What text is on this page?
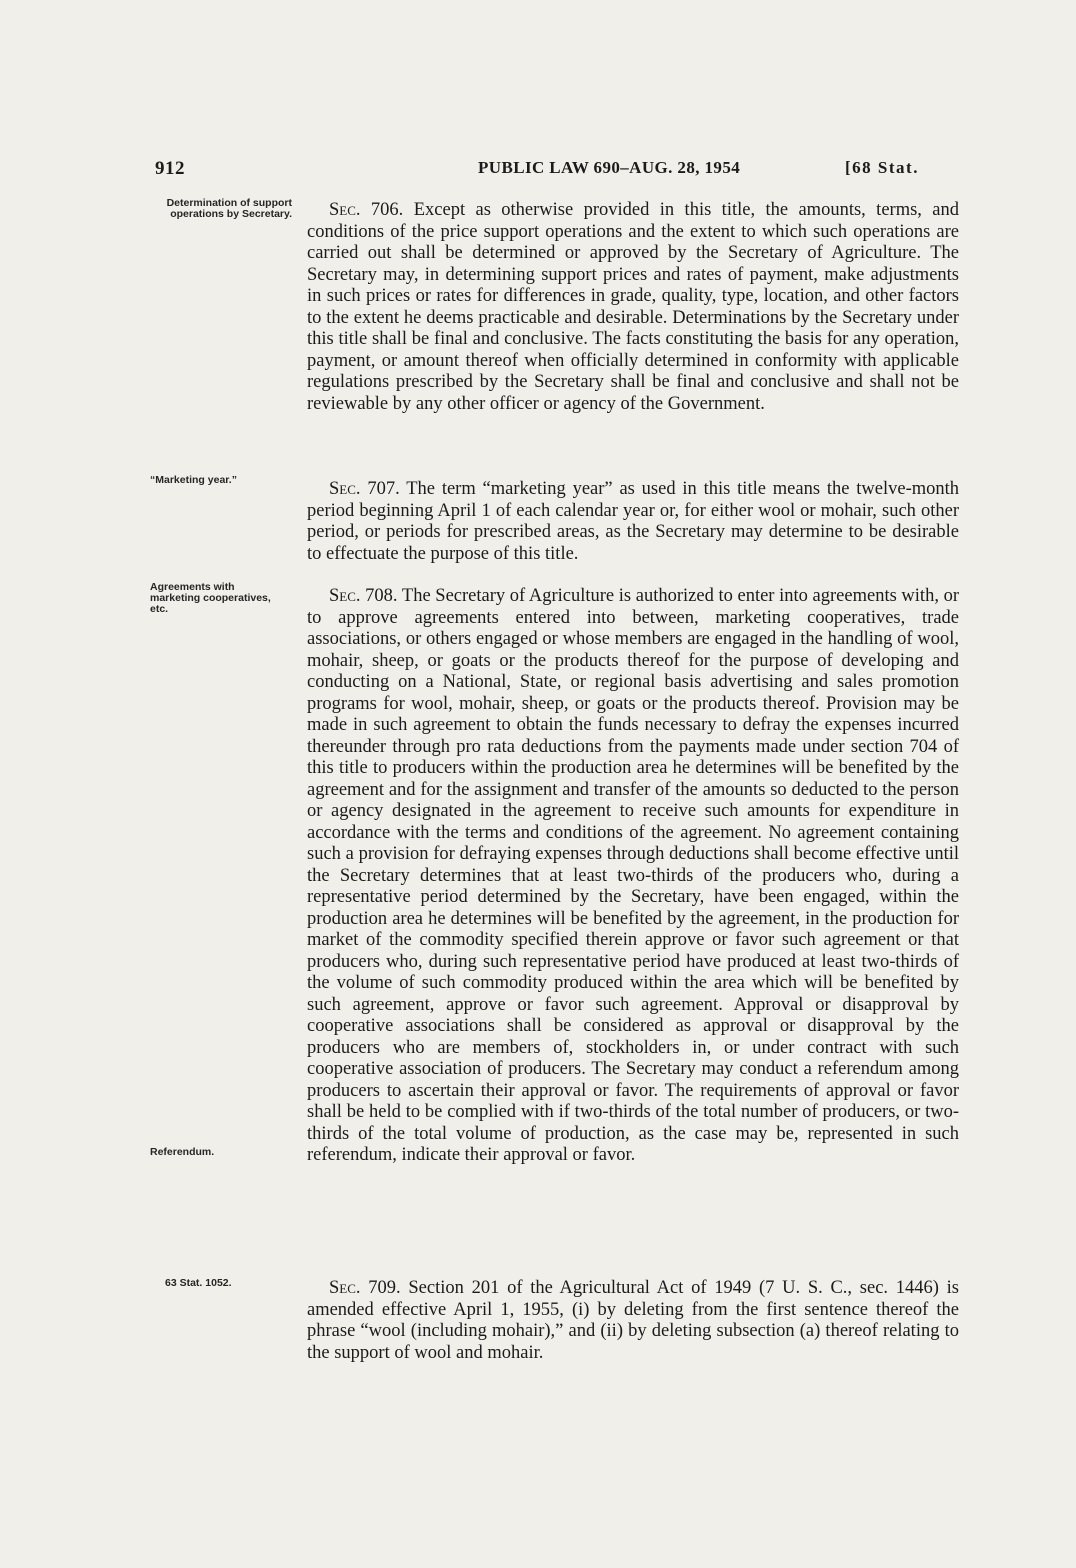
912	PUBLIC LAW 690–AUG. 28, 1954	[68 Stat.
Determination of support operations by Secretary.
“Marketing year.”
Agreements with marketing cooperatives, etc.
Referendum.
63 Stat. 1052.

Sec. 706. Except as otherwise provided in this title, the amounts, terms, and conditions of the price support operations and the extent to which such operations are carried out shall be determined or approved by the Secretary of Agriculture. The Secretary may, in determining support prices and rates of payment, make adjustments in such prices or rates for differences in grade, quality, type, location, and other factors to the extent he deems practicable and desirable. Determinations by the Secretary under this title shall be final and conclusive. The facts constituting the basis for any operation, payment, or amount thereof when officially determined in conformity with applicable regulations prescribed by the Secretary shall be final and conclusive and shall not be reviewable by any other officer or agency of the Government.

Sec. 707. The term “marketing year” as used in this title means the twelve-month period beginning April 1 of each calendar year or, for either wool or mohair, such other period, or periods for prescribed areas, as the Secretary may determine to be desirable to effectuate the purpose of this title.

Sec. 708. The Secretary of Agriculture is authorized to enter into agreements with, or to approve agreements entered into between, marketing cooperatives, trade associations, or others engaged or whose members are engaged in the handling of wool, mohair, sheep, or goats or the products thereof for the purpose of developing and conducting on a National, State, or regional basis advertising and sales promotion programs for wool, mohair, sheep, or goats or the products thereof. Provision may be made in such agreement to obtain the funds necessary to defray the expenses incurred thereunder through pro rata deductions from the payments made under section 704 of this title to producers within the production area he determines will be benefited by the agreement and for the assignment and transfer of the amounts so deducted to the person or agency designated in the agreement to receive such amounts for expenditure in accordance with the terms and conditions of the agreement. No agreement containing such a provision for defraying expenses through deductions shall become effective until the Secretary determines that at least two-thirds of the producers who, during a representative period determined by the Secretary, have been engaged, within the production area he determines will be benefited by the agreement, in the production for market of the commodity specified therein approve or favor such agreement or that producers who, during such representative period have produced at least two-thirds of the volume of such commodity produced within the area which will be benefited by such agreement, approve or favor such agreement. Approval or disapproval by cooperative associations shall be considered as approval or disapproval by the producers who are members of, stockholders in, or under contract with such cooperative association of producers. The Secretary may conduct a referendum among producers to ascertain their approval or favor. The requirements of approval or favor shall be held to be complied with if two-thirds of the total number of producers, or two-thirds of the total volume of production, as the case may be, represented in such referendum, indicate their approval or favor.

Sec. 709. Section 201 of the Agricultural Act of 1949 (7 U. S. C., sec. 1446) is amended effective April 1, 1955, (i) by deleting from the first sentence thereof the phrase “wool (including mohair),” and (ii) by deleting subsection (a) thereof relating to the support of wool and mohair.
